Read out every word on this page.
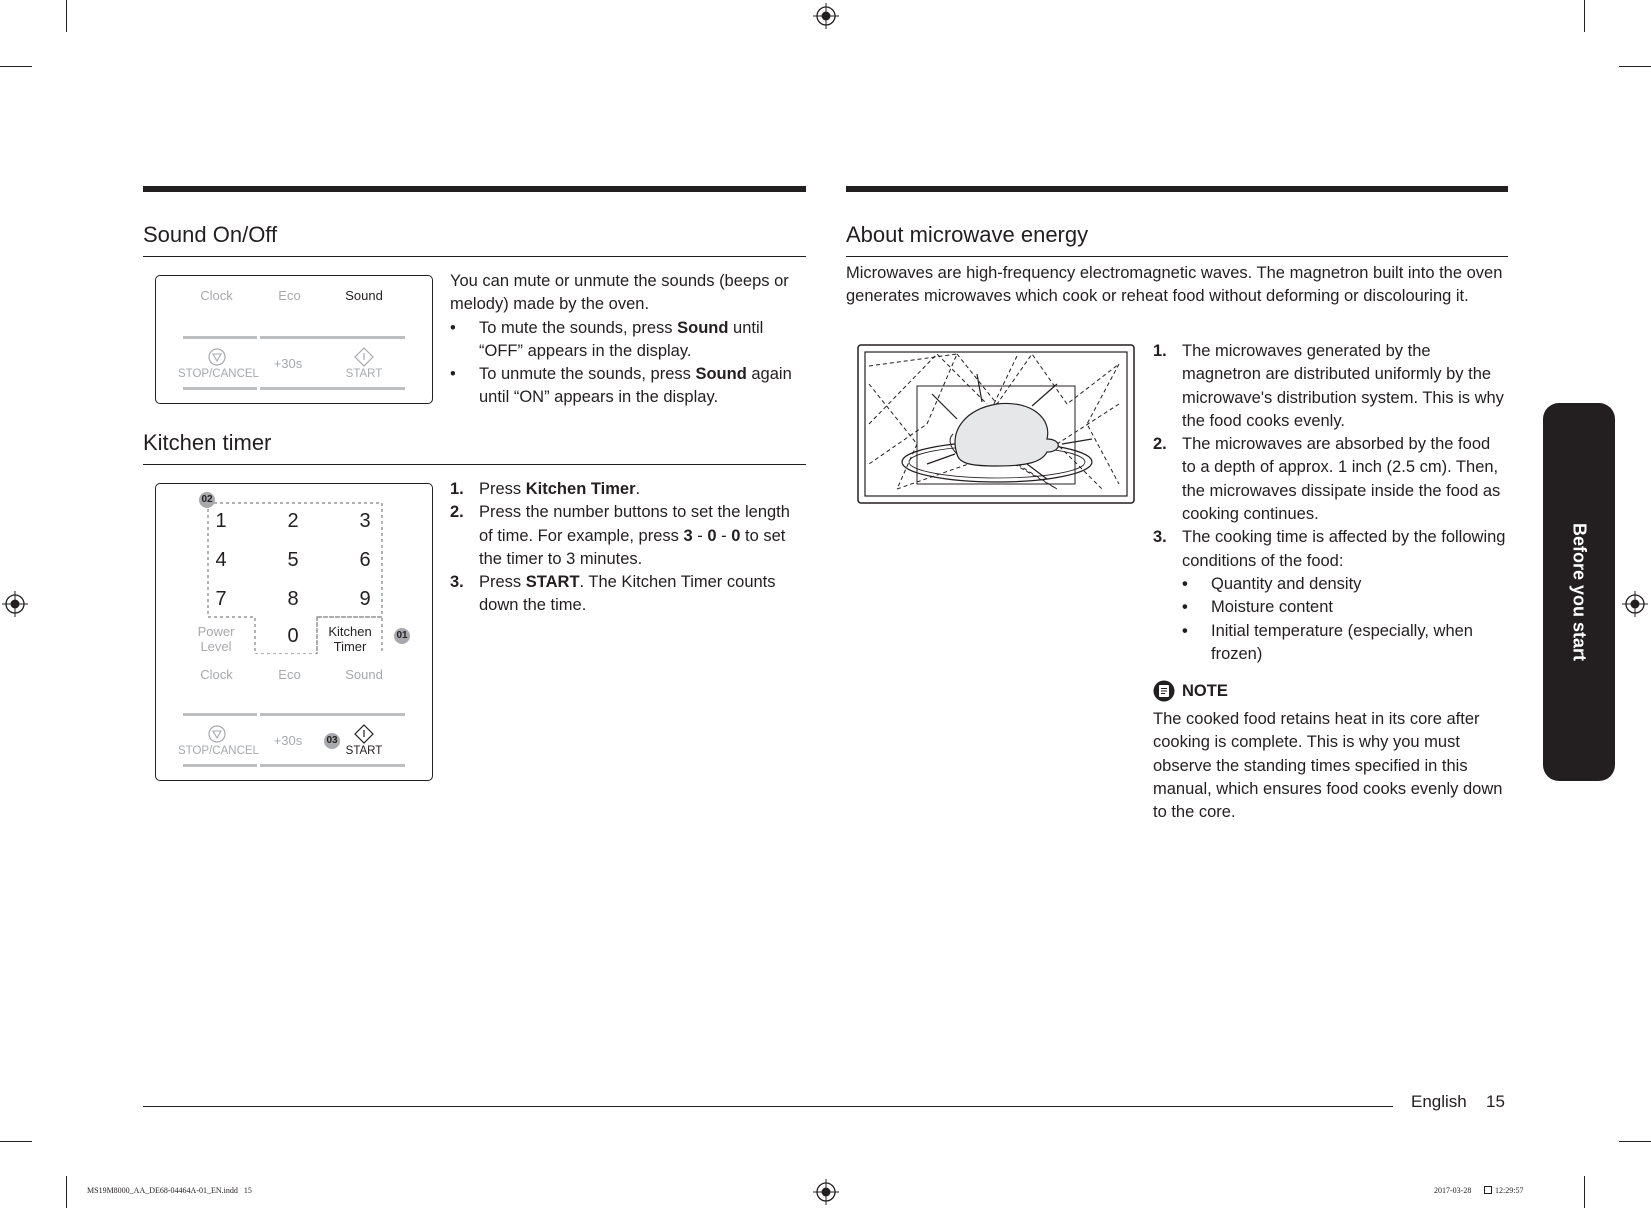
Sound On/Off
Clock	Eco	Sound
STOP/CANCEL
+30s
START

You can mute or unmute the sounds (beeps or melody) made by the oven.

• To mute the sounds, press Sound until “OFF” appears in the display.
• To unmute the sounds, press Sound again until “ON” appears in the display.
Kitchen timer
02
1	2	3
4	5	6
7	8	9
0
Power
Level
Kitchen
Timer
01
Clock	Eco	Sound
STOP/CANCEL
+30s	03
START
1. Press Kitchen Timer.
2. Press the number buttons to set the length of time. For example, press 3 - 0 - 0 to set the timer to 3 minutes.
3. Press START. The Kitchen Timer counts down the time.
About microwave energy
Microwaves are high-frequency electromagnetic waves. The magnetron built into the oven generates microwaves which cook or reheat food without deforming or discolouring it.
1. The microwaves generated by the magnetron are distributed uniformly by the microwave's distribution system. This is why the food cooks evenly.
2. The microwaves are absorbed by the food to a depth of approx. 1 inch (2.5 cm). Then, the microwaves dissipate inside the food as cooking continues.
3. The cooking time is affected by the following conditions of the food:
• Quantity and density
• Moisture content
• Initial temperature (especially, when frozen)
NOTE
The cooked food retains heat in its core after cooking is complete. This is why you must observe the standing times specified in this manual, which ensures food cooks evenly down to the core.
Before you start
English 15
MS19M8000_AA_DE68-04464A-01_EN.indd   15	2017-03-28	12:29:57
